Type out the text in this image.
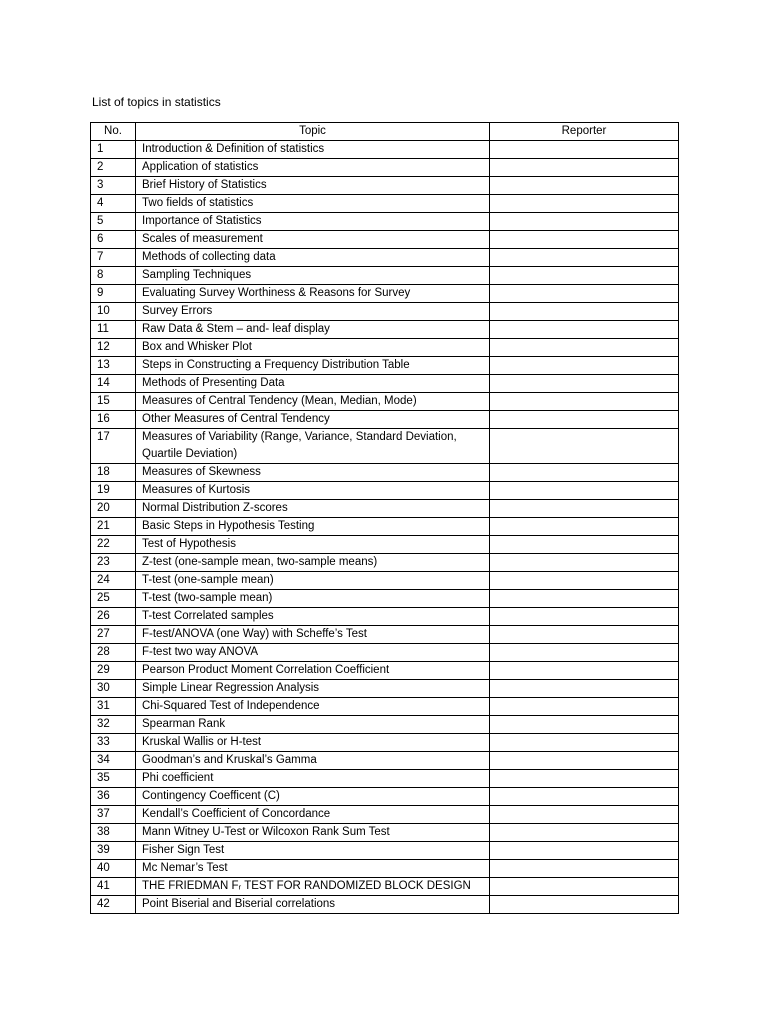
List of topics in statistics
No.	Topic	Reporter
1	Introduction & Definition of statistics	
2	Application of statistics	
3	Brief History of Statistics	
4	Two fields of statistics	
5	Importance of Statistics	
6	Scales of measurement	
7	Methods of collecting data	
8	Sampling Techniques	
9	Evaluating Survey Worthiness & Reasons for Survey	
10	Survey Errors	
11	Raw Data & Stem – and- leaf display	
12	Box and Whisker Plot	
13	Steps in Constructing a Frequency Distribution Table	
14	Methods of Presenting Data	
15	Measures of Central Tendency (Mean, Median, Mode)	
16	Other Measures of Central Tendency	
17	Measures of Variability (Range, Variance, Standard Deviation, Quartile Deviation)	
18	Measures of Skewness	
19	Measures of Kurtosis	
20	Normal Distribution Z-scores	
21	Basic Steps in Hypothesis Testing	
22	Test of Hypothesis	
23	Z-test (one-sample mean, two-sample means)	
24	T-test (one-sample mean)	
25	T-test (two-sample mean)	
26	T-test Correlated samples	
27	F-test/ANOVA (one Way) with Scheffe’s Test	
28	F-test two way ANOVA	
29	Pearson Product Moment Correlation Coefficient	
30	Simple Linear Regression Analysis	
31	Chi-Squared Test of Independence	
32	Spearman Rank	
33	Kruskal Wallis or H-test	
34	Goodman’s and Kruskal’s Gamma	
35	Phi coefficient	
36	Contingency Coefficent (C)	
37	Kendall’s Coefficient of Concordance	
38	Mann Witney U-Test or Wilcoxon Rank Sum Test	
39	Fisher Sign Test	
40	Mc Nemar’s Test	
41	THE FRIEDMAN Fᵣ TEST FOR RANDOMIZED BLOCK DESIGN	
42	Point Biserial and Biserial correlations	
